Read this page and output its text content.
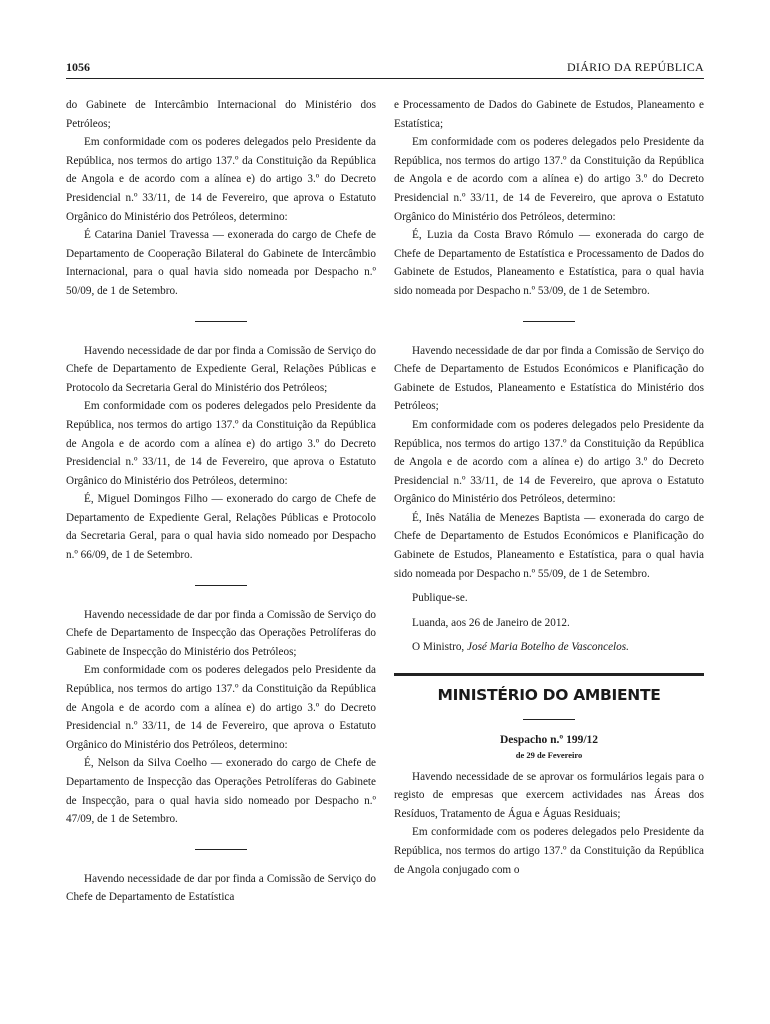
1056	DIÁRIO DA REPÚBLICA

do Gabinete de Intercâmbio Internacional do Ministério dos Petróleos;

Em conformidade com os poderes delegados pelo Presidente da República, nos termos do artigo 137.º da Constituição da República de Angola e de acordo com a alínea e) do artigo 3.º do Decreto Presidencial n.º 33/11, de 14 de Fevereiro, que aprova o Estatuto Orgânico do Ministério dos Petróleos, determino:

É Catarina Daniel Travessa — exonerada do cargo de Chefe de Departamento de Cooperação Bilateral do Gabinete de Intercâmbio Internacional, para o qual havia sido nomeada por Despacho n.º 50/09, de 1 de Setembro.

Havendo necessidade de dar por finda a Comissão de Serviço do Chefe de Departamento de Expediente Geral, Relações Públicas e Protocolo da Secretaria Geral do Ministério dos Petróleos;

Em conformidade com os poderes delegados pelo Presidente da República, nos termos do artigo 137.º da Constituição da República de Angola e de acordo com a alínea e) do artigo 3.º do Decreto Presidencial n.º 33/11, de 14 de Fevereiro, que aprova o Estatuto Orgânico do Ministério dos Petróleos, determino:

É, Miguel Domingos Filho — exonerado do cargo de Chefe de Departamento de Expediente Geral, Relações Públicas e Protocolo da Secretaria Geral, para o qual havia sido nomeado por Despacho n.º 66/09, de 1 de Setembro.

Havendo necessidade de dar por finda a Comissão de Serviço do Chefe de Departamento de Inspecção das Operações Petrolíferas do Gabinete de Inspecção do Ministério dos Petróleos;

Em conformidade com os poderes delegados pelo Presidente da República, nos termos do artigo 137.º da Constituição da República de Angola e de acordo com a alínea e) do artigo 3.º do Decreto Presidencial n.º 33/11, de 14 de Fevereiro, que aprova o Estatuto Orgânico do Ministério dos Petróleos, determino:

É, Nelson da Silva Coelho — exonerado do cargo de Chefe de Departamento de Inspecção das Operações Petrolíferas do Gabinete de Inspecção, para o qual havia sido nomeado por Despacho n.º 47/09, de 1 de Setembro.

Havendo necessidade de dar por finda a Comissão de Serviço do Chefe de Departamento de Estatística

e Processamento de Dados do Gabinete de Estudos, Planeamento e Estatística;

Em conformidade com os poderes delegados pelo Presidente da República, nos termos do artigo 137.º da Constituição da República de Angola e de acordo com a alínea e) do artigo 3.º do Decreto Presidencial n.º 33/11, de 14 de Fevereiro, que aprova o Estatuto Orgânico do Ministério dos Petróleos, determino:

É, Luzia da Costa Bravo Rómulo — exonerada do cargo de Chefe de Departamento de Estatística e Processamento de Dados do Gabinete de Estudos, Planeamento e Estatística, para o qual havia sido nomeada por Despacho n.º 53/09, de 1 de Setembro.

Havendo necessidade de dar por finda a Comissão de Serviço do Chefe de Departamento de Estudos Económicos e Planificação do Gabinete de Estudos, Planeamento e Estatística do Ministério dos Petróleos;

Em conformidade com os poderes delegados pelo Presidente da República, nos termos do artigo 137.º da Constituição da República de Angola e de acordo com a alínea e) do artigo 3.º do Decreto Presidencial n.º 33/11, de 14 de Fevereiro, que aprova o Estatuto Orgânico do Ministério dos Petróleos, determino:

É, Inês Natália de Menezes Baptista — exonerada do cargo de Chefe de Departamento de Estudos Económicos e Planificação do Gabinete de Estudos, Planeamento e Estatística, para o qual havia sido nomeada por Despacho n.º 55/09, de 1 de Setembro.

Publique-se.

Luanda, aos 26 de Janeiro de 2012.

O Ministro, José Maria Botelho de Vasconcelos.

MINISTÉRIO DO AMBIENTE
Despacho n.º 199/12
de 29 de Fevereiro

Havendo necessidade de se aprovar os formulários legais para o registo de empresas que exercem actividades nas Áreas dos Resíduos, Tratamento de Água e Águas Residuais;

Em conformidade com os poderes delegados pelo Presidente da República, nos termos do artigo 137.º da Constituição da República de Angola conjugado com o
